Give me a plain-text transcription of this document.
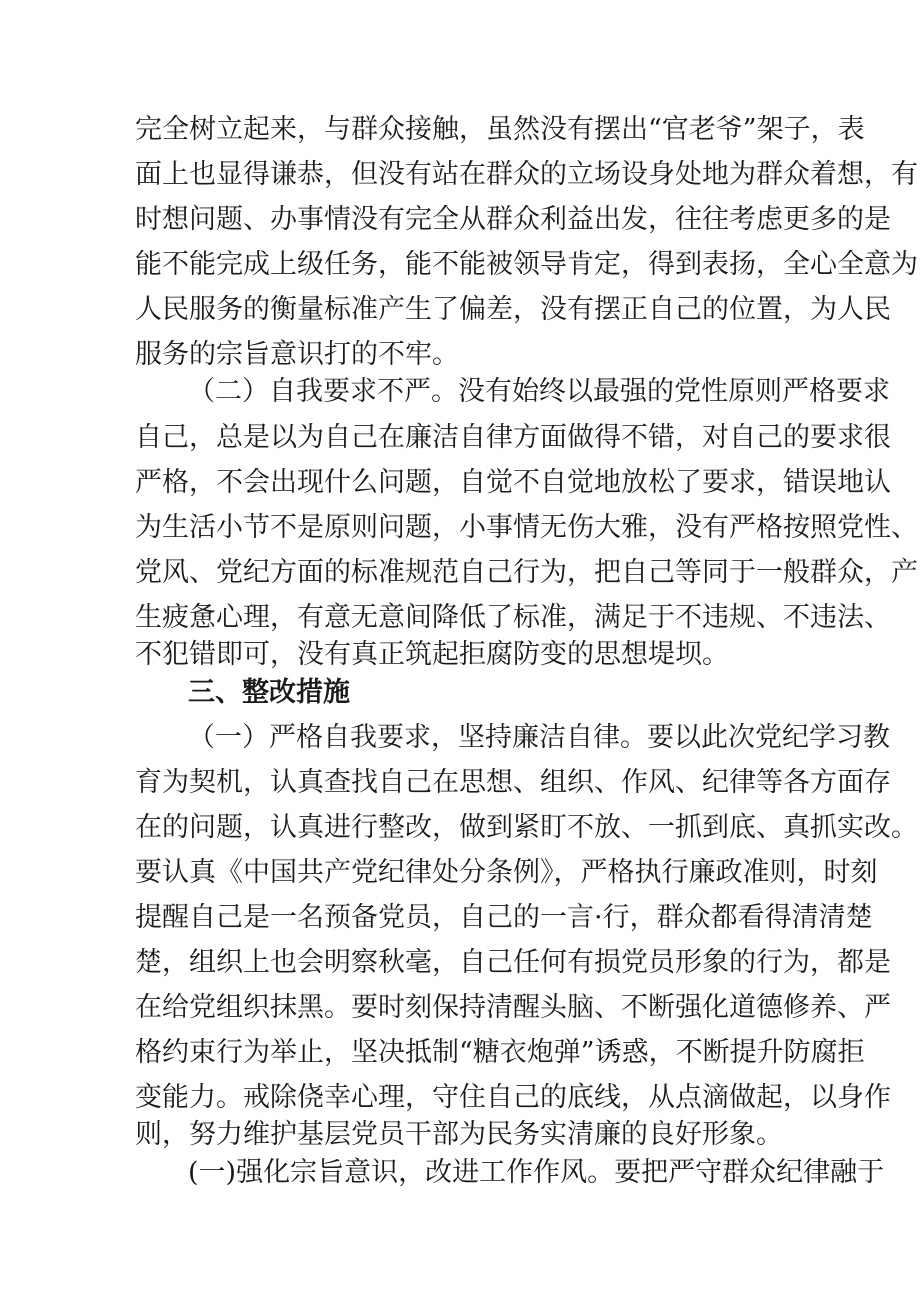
完全树立起来，与群众接触，虽然没有摆出“官老爷”架子，表
面上也显得谦恭，但没有站在群众的立场设身处地为群众着想，有
时想问题、办事情没有完全从群众利益出发，往往考虑更多的是
能不能完成上级任务，能不能被领导肯定，得到表扬，全心全意为
人民服务的衡量标准产生了偏差，没有摆正自己的位置，为人民
服务的宗旨意识打的不牢。
（二）自我要求不严。没有始终以最强的党性原则严格要求
自己，总是以为自己在廉洁自律方面做得不错，对自己的要求很
严格，不会出现什么问题，自觉不自觉地放松了要求，错误地认
为生活小节不是原则问题，小事情无伤大雅，没有严格按照党性、
党风、党纪方面的标准规范自己行为，把自己等同于一般群众，产
生疲惫心理，有意无意间降低了标准，满足于不违规、不违法、
不犯错即可，没有真正筑起拒腐防变的思想堤坝。
三、整改措施
（一）严格自我要求，坚持廉洁自律。要以此次党纪学习教
育为契机，认真查找自己在思想、组织、作风、纪律等各方面存
在的问题，认真进行整改，做到紧盯不放、一抓到底、真抓实改。
要认真《中国共产党纪律处分条例》，严格执行廉政准则，时刻
提醒自己是一名预备党员，自己的一言·行，群众都看得清清楚
楚，组织上也会明察秋毫，自己任何有损党员形象的行为，都是
在给党组织抹黑。要时刻保持清醒头脑、不断强化道德修养、严
格约束行为举止，坚决抵制“糖衣炮弹”诱惑，不断提升防腐拒
变能力。戒除侥幸心理，守住自己的底线，从点滴做起，以身作
则，努力维护基层党员干部为民务实清廉的良好形象。
(一)强化宗旨意识，改进工作作风。要把严守群众纪律融于
